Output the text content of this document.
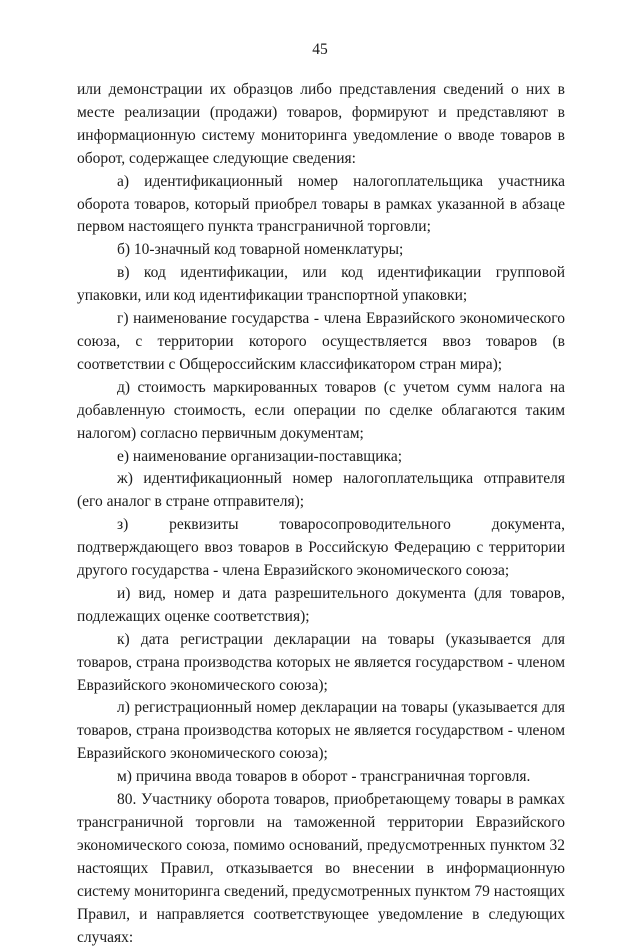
45

или демонстрации их образцов либо представления сведений о них в месте реализации (продажи) товаров, формируют и представляют в информационную систему мониторинга уведомление о вводе товаров в оборот, содержащее следующие сведения:

а) идентификационный номер налогоплательщика участника оборота товаров, который приобрел товары в рамках указанной в абзаце первом настоящего пункта трансграничной торговли;

б) 10-значный код товарной номенклатуры;

в) код идентификации, или код идентификации групповой упаковки, или код идентификации транспортной упаковки;

г) наименование государства - члена Евразийского экономического союза, с территории которого осуществляется ввоз товаров (в соответствии с Общероссийским классификатором стран мира);

д) стоимость маркированных товаров (с учетом сумм налога на добавленную стоимость, если операции по сделке облагаются таким налогом) согласно первичным документам;

е) наименование организации-поставщика;

ж) идентификационный номер налогоплательщика отправителя (его аналог в стране отправителя);

з) реквизиты товаросопроводительного документа, подтверждающего ввоз товаров в Российскую Федерацию с территории другого государства - члена Евразийского экономического союза;

и) вид, номер и дата разрешительного документа (для товаров, подлежащих оценке соответствия);

к) дата регистрации декларации на товары (указывается для товаров, страна производства которых не является государством - членом Евразийского экономического союза);

л) регистрационный номер декларации на товары (указывается для товаров, страна производства которых не является государством - членом Евразийского экономического союза);

м) причина ввода товаров в оборот - трансграничная торговля.

80. Участнику оборота товаров, приобретающему товары в рамках трансграничной торговли на таможенной территории Евразийского экономического союза, помимо оснований, предусмотренных пунктом 32 настоящих Правил, отказывается во внесении в информационную систему мониторинга сведений, предусмотренных пунктом 79 настоящих Правил, и направляется соответствующее уведомление в следующих случаях:
